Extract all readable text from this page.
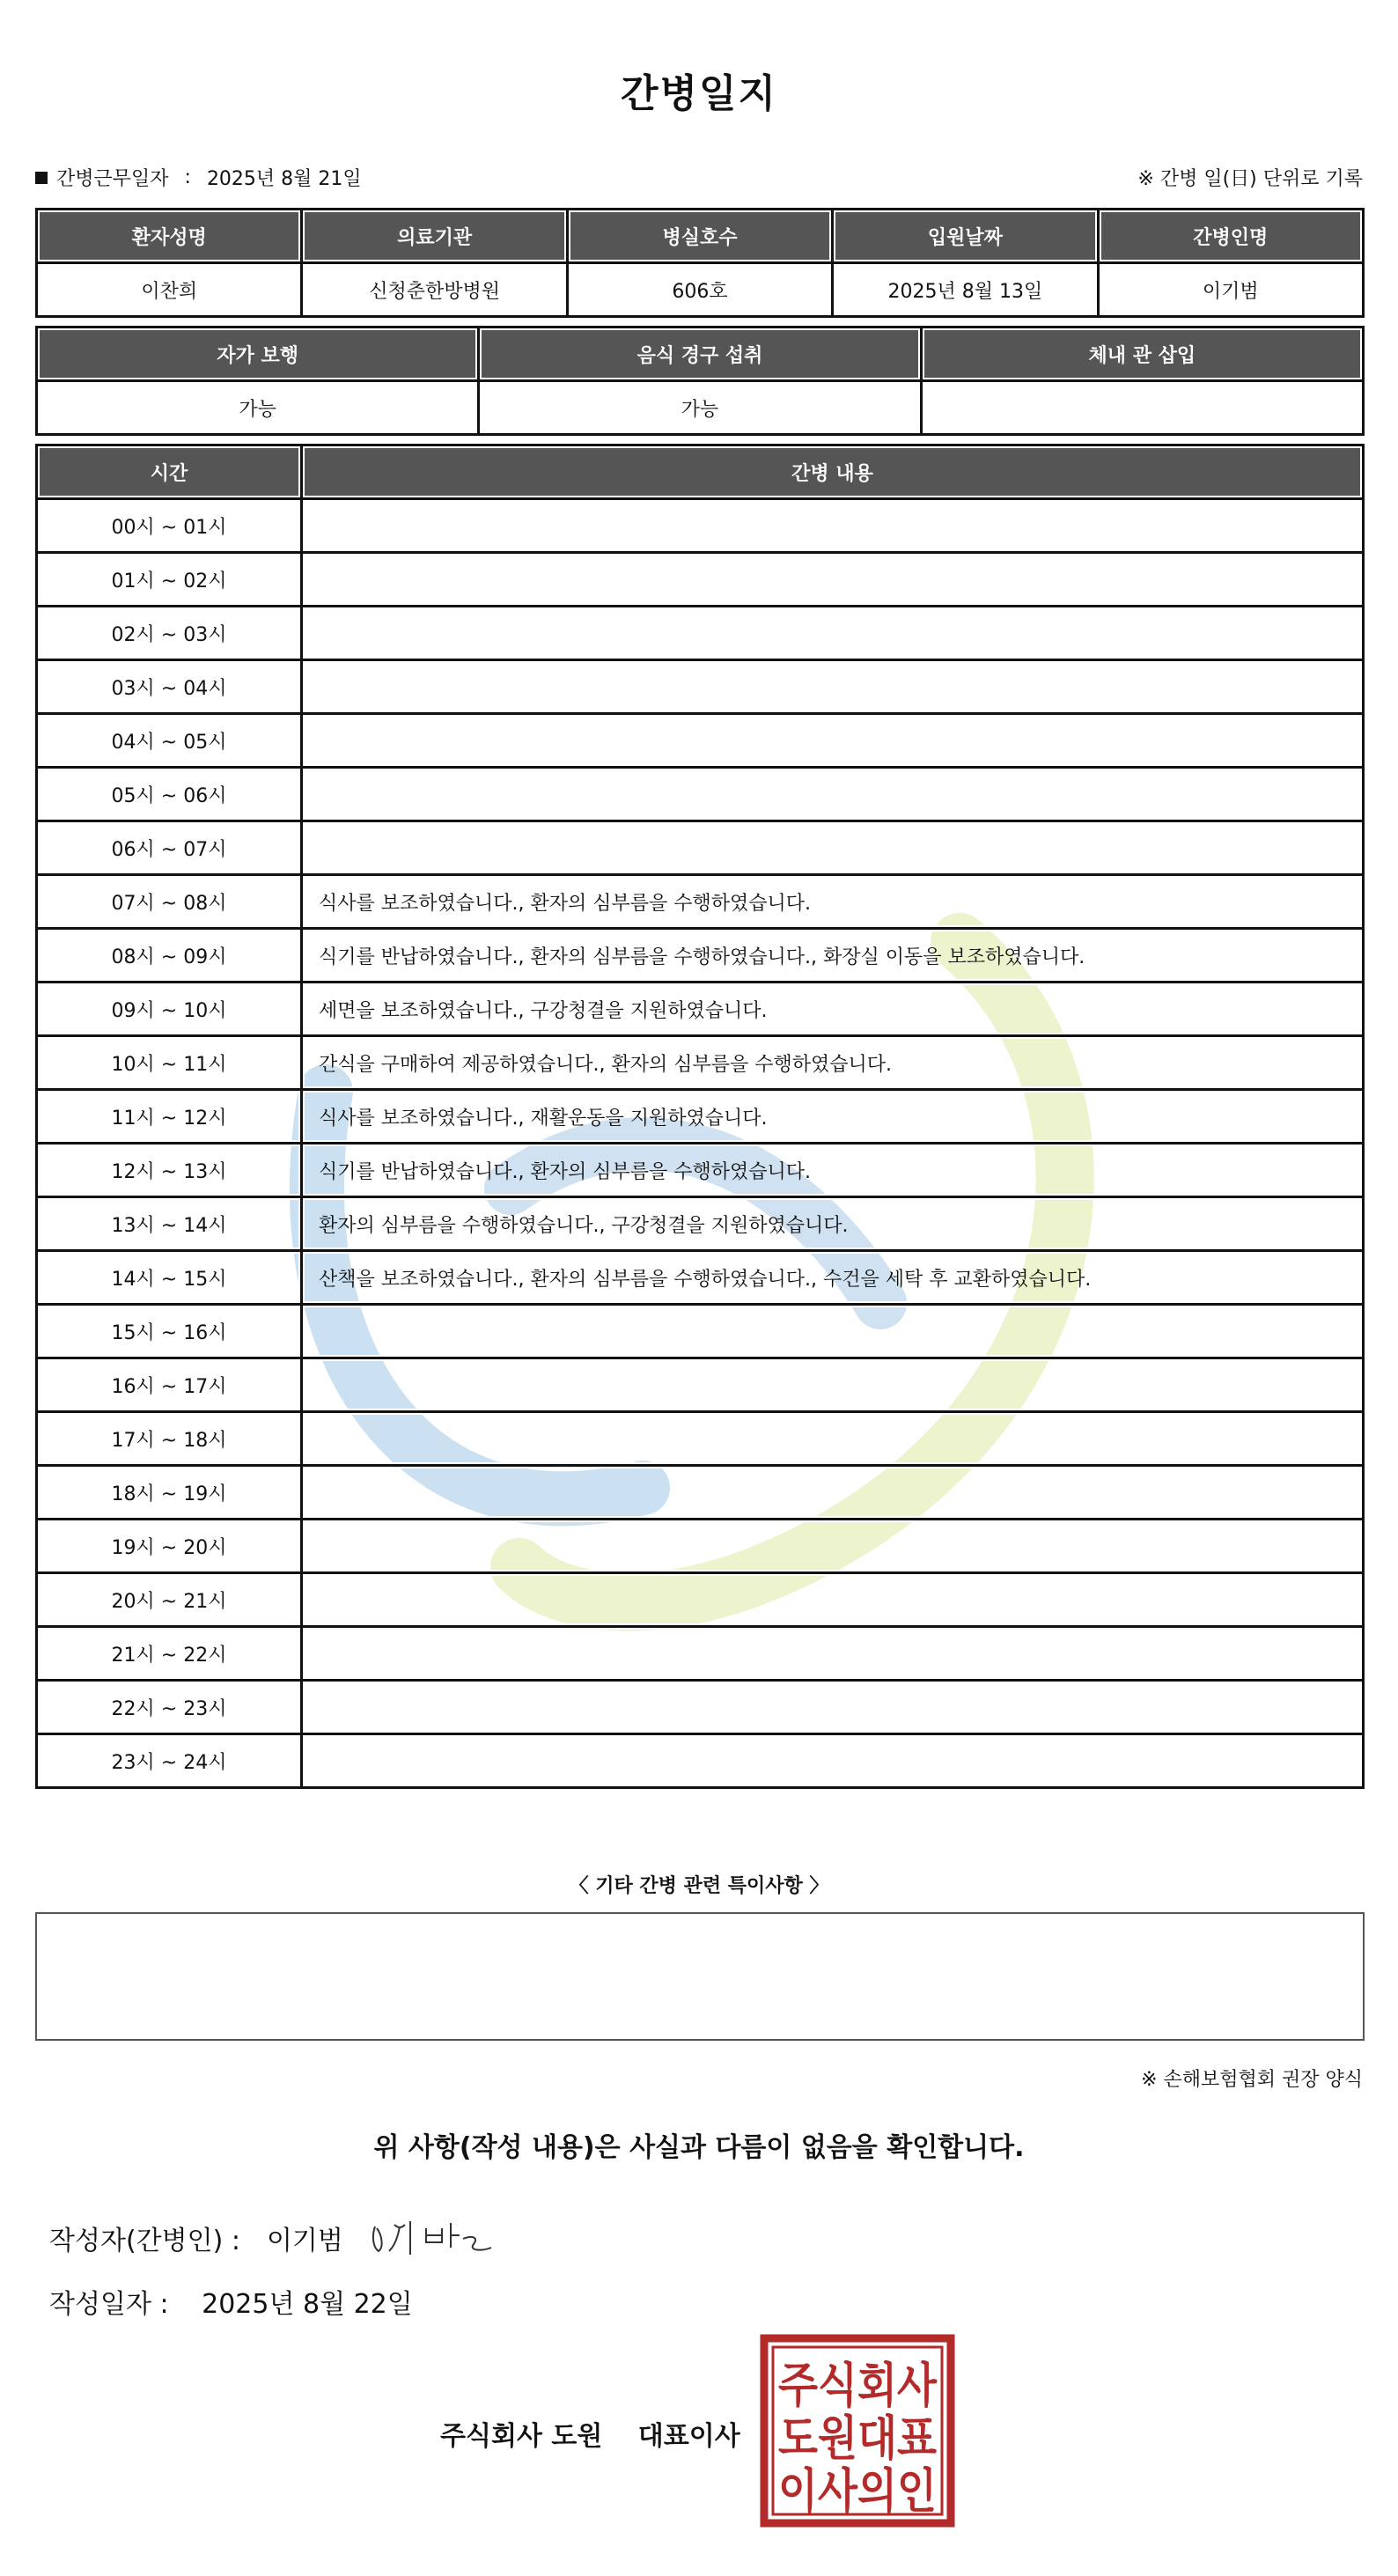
간병일지
간병근무일자 : 2025년 8월 21일	※ 간병 일(日) 단위로 기록
환자성명	의료기관	병실호수	입원날짜	간병인명
이찬희	신청춘한방병원	606호	2025년 8월 13일	이기범
자가 보행	음식 경구 섭취	체내 관 삽입
가능	가능	
시간	간병 내용
00시 ~ 01시	
01시 ~ 02시	
02시 ~ 03시	
03시 ~ 04시	
04시 ~ 05시	
05시 ~ 06시	
06시 ~ 07시	
07시 ~ 08시	식사를 보조하였습니다., 환자의 심부름을 수행하였습니다.
08시 ~ 09시	식기를 반납하였습니다., 환자의 심부름을 수행하였습니다., 화장실 이동을 보조하였습니다.
09시 ~ 10시	세면을 보조하였습니다., 구강청결을 지원하였습니다.
10시 ~ 11시	간식을 구매하여 제공하였습니다., 환자의 심부름을 수행하였습니다.
11시 ~ 12시	식사를 보조하였습니다., 재활운동을 지원하였습니다.
12시 ~ 13시	식기를 반납하였습니다., 환자의 심부름을 수행하였습니다.
13시 ~ 14시	환자의 심부름을 수행하였습니다., 구강청결을 지원하였습니다.
14시 ~ 15시	산책을 보조하였습니다., 환자의 심부름을 수행하였습니다., 수건을 세탁 후 교환하였습니다.
15시 ~ 16시	
16시 ~ 17시	
17시 ~ 18시	
18시 ~ 19시	
19시 ~ 20시	
20시 ~ 21시	
21시 ~ 22시	
22시 ~ 23시	
23시 ~ 24시	
〈 기타 간병 관련 특이사항 〉
※ 손해보험협회 권장 양식
위 사항(작성 내용)은 사실과 다름이 없음을 확인합니다.
작성자(간병인) : 이기범
작성일자 : 2025년 8월 22일
주식회사 도원 대표이사
주식회사
도원대표
이사의인
